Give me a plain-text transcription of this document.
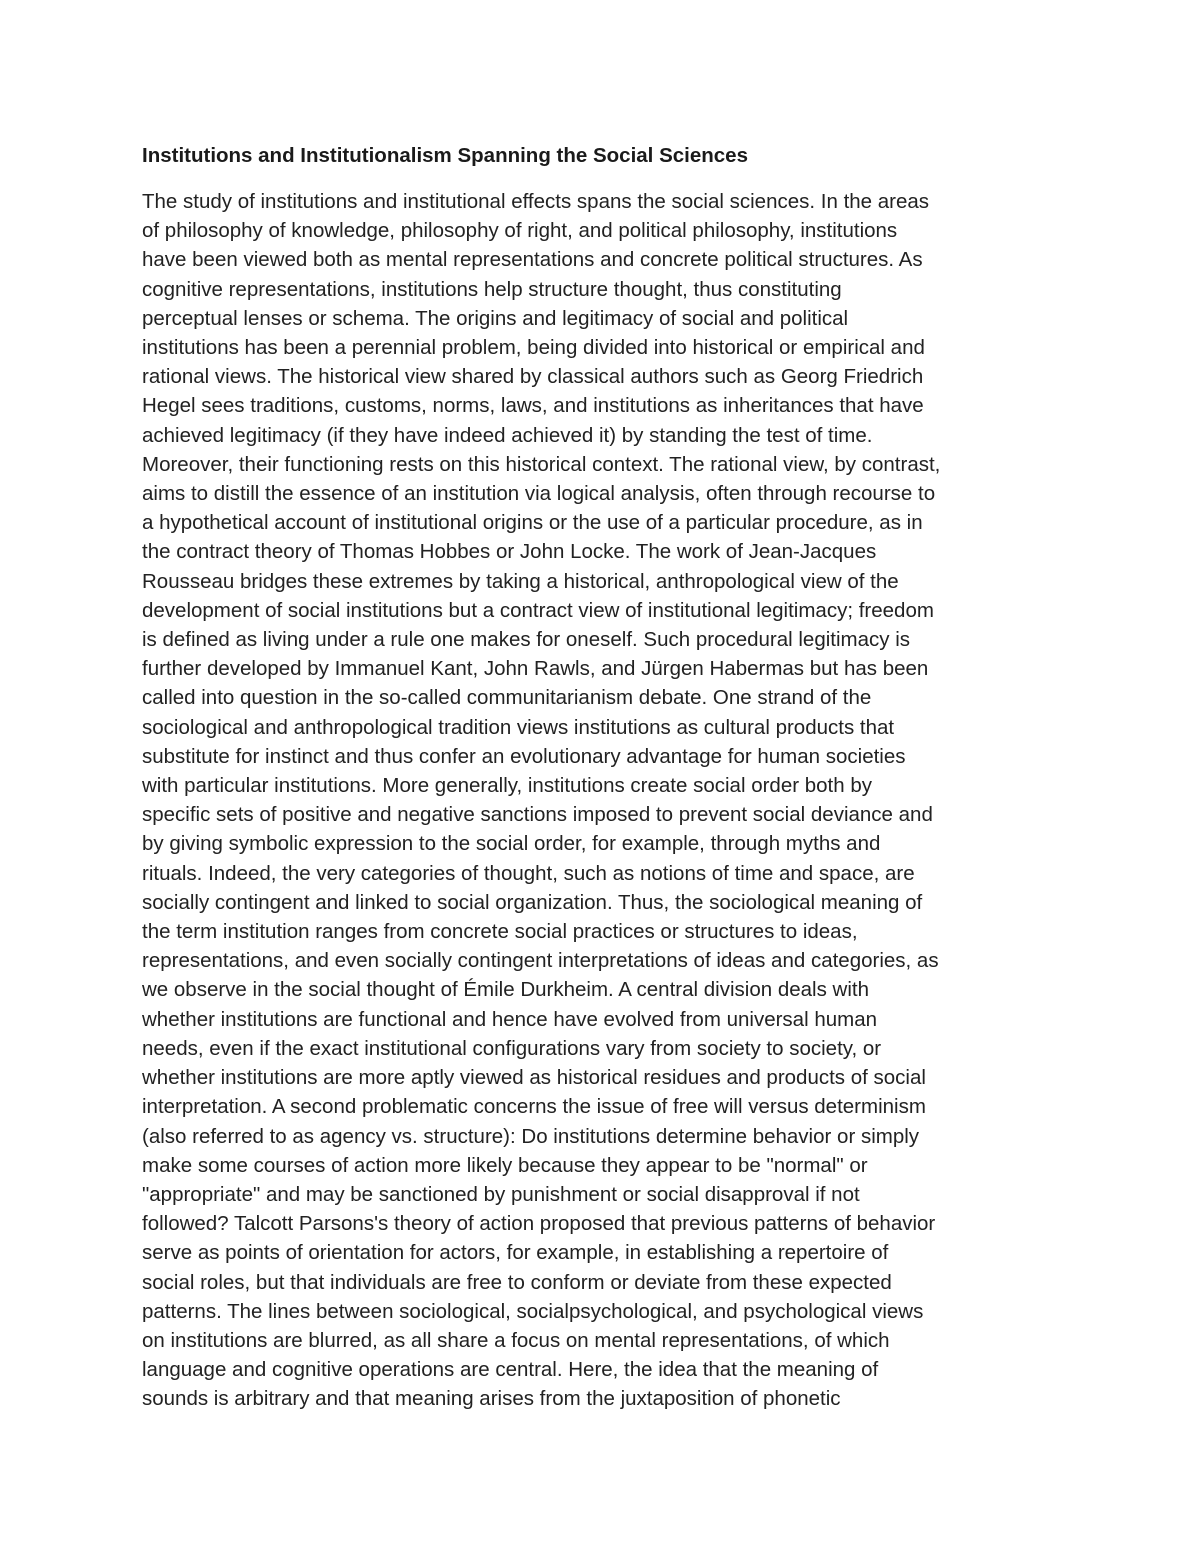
Institutions and Institutionalism Spanning the Social Sciences
The study of institutions and institutional effects spans the social sciences. In the areas
of philosophy of knowledge, philosophy of right, and political philosophy, institutions
have been viewed both as mental representations and concrete political structures. As
cognitive representations, institutions help structure thought, thus constituting
perceptual lenses or schema. The origins and legitimacy of social and political
institutions has been a perennial problem, being divided into historical or empirical and
rational views. The historical view shared by classical authors such as Georg Friedrich
Hegel sees traditions, customs, norms, laws, and institutions as inheritances that have
achieved legitimacy (if they have indeed achieved it) by standing the test of time.
Moreover, their functioning rests on this historical context. The rational view, by contrast,
aims to distill the essence of an institution via logical analysis, often through recourse to
a hypothetical account of institutional origins or the use of a particular procedure, as in
the contract theory of Thomas Hobbes or John Locke. The work of Jean-Jacques
Rousseau bridges these extremes by taking a historical, anthropological view of the
development of social institutions but a contract view of institutional legitimacy; freedom
is defined as living under a rule one makes for oneself. Such procedural legitimacy is
further developed by Immanuel Kant, John Rawls, and Jürgen Habermas but has been
called into question in the so-called communitarianism debate. One strand of the
sociological and anthropological tradition views institutions as cultural products that
substitute for instinct and thus confer an evolutionary advantage for human societies
with particular institutions. More generally, institutions create social order both by
specific sets of positive and negative sanctions imposed to prevent social deviance and
by giving symbolic expression to the social order, for example, through myths and
rituals. Indeed, the very categories of thought, such as notions of time and space, are
socially contingent and linked to social organization. Thus, the sociological meaning of
the term institution ranges from concrete social practices or structures to ideas,
representations, and even socially contingent interpretations of ideas and categories, as
we observe in the social thought of Émile Durkheim. A central division deals with
whether institutions are functional and hence have evolved from universal human
needs, even if the exact institutional configurations vary from society to society, or
whether institutions are more aptly viewed as historical residues and products of social
interpretation. A second problematic concerns the issue of free will versus determinism
(also referred to as agency vs. structure): Do institutions determine behavior or simply
make some courses of action more likely because they appear to be "normal" or
"appropriate" and may be sanctioned by punishment or social disapproval if not
followed? Talcott Parsons's theory of action proposed that previous patterns of behavior
serve as points of orientation for actors, for example, in establishing a repertoire of
social roles, but that individuals are free to conform or deviate from these expected
patterns. The lines between sociological, socialpsychological, and psychological views
on institutions are blurred, as all share a focus on mental representations, of which
language and cognitive operations are central. Here, the idea that the meaning of
sounds is arbitrary and that meaning arises from the juxtaposition of phonetic
